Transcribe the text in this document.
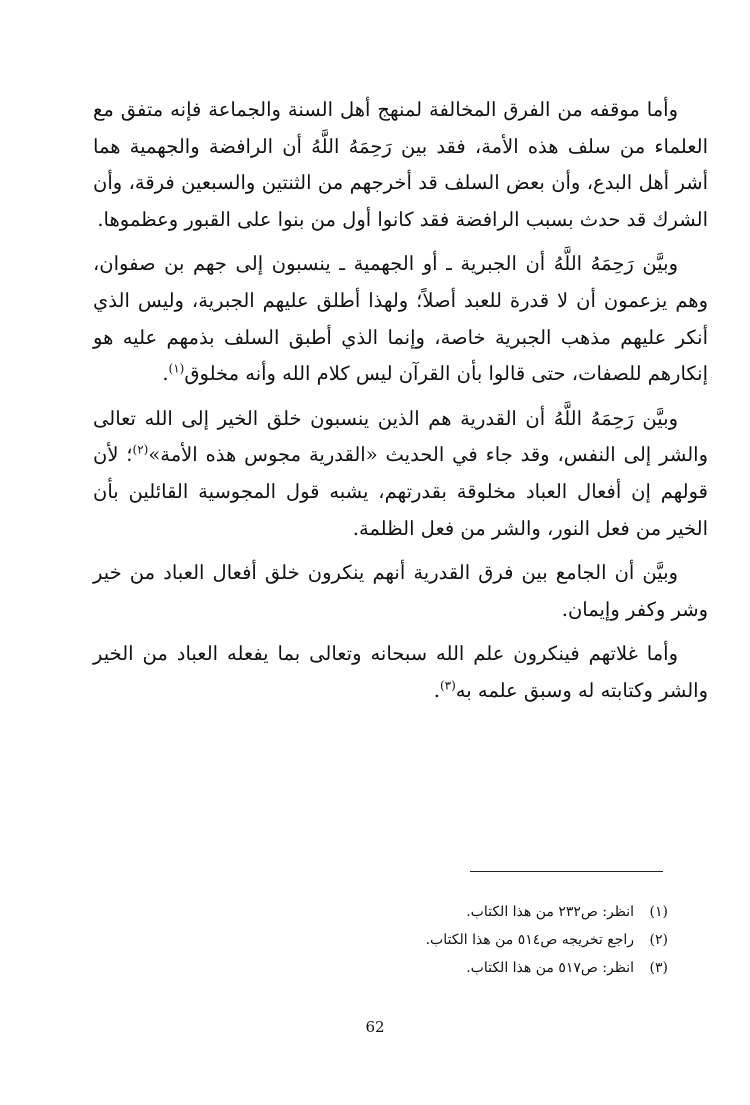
وأما موقفه من الفرق المخالفة لمنهج أهل السنة والجماعة فإنه متفق مع العلماء من سلف هذه الأمة، فقد بين رَحِمَهُ اللَّهُ أن الرافضة والجهمية هما أشر أهل البدع، وأن بعض السلف قد أخرجهم من الثنتين والسبعين فرقة، وأن الشرك قد حدث بسبب الرافضة فقد كانوا أول من بنوا على القبور وعظموها.

وبيَّن رَحِمَهُ اللَّهُ أن الجبرية ـ أو الجهمية ـ ينسبون إلى جهم بن صفوان، وهم يزعمون أن لا قدرة للعبد أصلاً؛ ولهذا أطلق عليهم الجبرية، وليس الذي أنكر عليهم مذهب الجبرية خاصة، وإنما الذي أطبق السلف بذمهم عليه هو إنكارهم للصفات، حتى قالوا بأن القرآن ليس كلام الله وأنه مخلوق$^{(١)}$.

وبيَّن رَحِمَهُ اللَّهُ أن القدرية هم الذين ينسبون خلق الخير إلى الله تعالى والشر إلى النفس، وقد جاء في الحديث «القدرية مجوس هذه الأمة»$^{(٢)}$؛ لأن قولهم إن أفعال العباد مخلوقة بقدرتهم، يشبه قول المجوسية القائلين بأن الخير من فعل النور، والشر من فعل الظلمة.

وبيَّن أن الجامع بين فرق القدرية أنهم ينكرون خلق أفعال العباد من خير وشر وكفر وإيمان.

وأما غلاتهم فينكرون علم الله سبحانه وتعالى بما يفعله العباد من الخير والشر وكتابته له وسبق علمه به$^{(٣)}$.

(١)انظر: ص٢٣٢ من هذا الكتاب.
(٢)راجع تخريجه ص٥١٤ من هذا الكتاب.
(٣)انظر: ص٥١٧ من هذا الكتاب.
62
